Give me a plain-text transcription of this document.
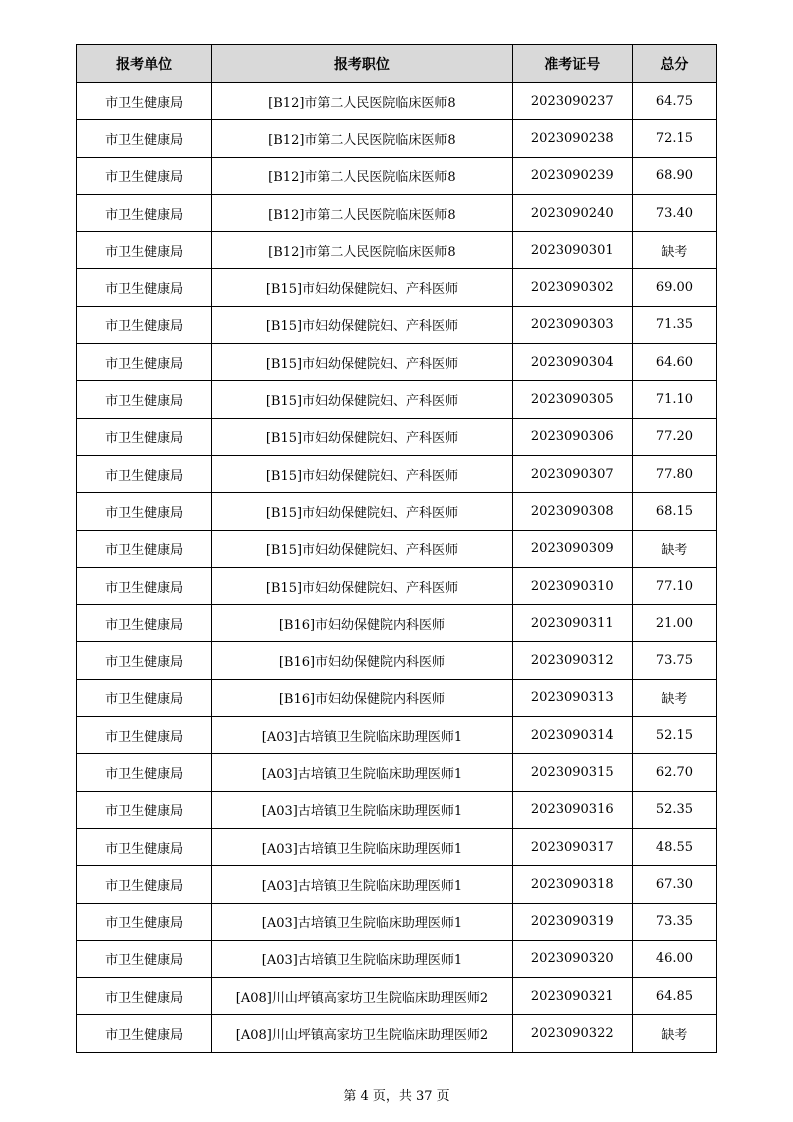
报考单位	报考职位	准考证号	总分
市卫生健康局	[B12]市第二人民医院临床医师8	2023090237	64.75
市卫生健康局	[B12]市第二人民医院临床医师8	2023090238	72.15
市卫生健康局	[B12]市第二人民医院临床医师8	2023090239	68.90
市卫生健康局	[B12]市第二人民医院临床医师8	2023090240	73.40
市卫生健康局	[B12]市第二人民医院临床医师8	2023090301	缺考
市卫生健康局	[B15]市妇幼保健院妇、产科医师	2023090302	69.00
市卫生健康局	[B15]市妇幼保健院妇、产科医师	2023090303	71.35
市卫生健康局	[B15]市妇幼保健院妇、产科医师	2023090304	64.60
市卫生健康局	[B15]市妇幼保健院妇、产科医师	2023090305	71.10
市卫生健康局	[B15]市妇幼保健院妇、产科医师	2023090306	77.20
市卫生健康局	[B15]市妇幼保健院妇、产科医师	2023090307	77.80
市卫生健康局	[B15]市妇幼保健院妇、产科医师	2023090308	68.15
市卫生健康局	[B15]市妇幼保健院妇、产科医师	2023090309	缺考
市卫生健康局	[B15]市妇幼保健院妇、产科医师	2023090310	77.10
市卫生健康局	[B16]市妇幼保健院内科医师	2023090311	21.00
市卫生健康局	[B16]市妇幼保健院内科医师	2023090312	73.75
市卫生健康局	[B16]市妇幼保健院内科医师	2023090313	缺考
市卫生健康局	[A03]古培镇卫生院临床助理医师1	2023090314	52.15
市卫生健康局	[A03]古培镇卫生院临床助理医师1	2023090315	62.70
市卫生健康局	[A03]古培镇卫生院临床助理医师1	2023090316	52.35
市卫生健康局	[A03]古培镇卫生院临床助理医师1	2023090317	48.55
市卫生健康局	[A03]古培镇卫生院临床助理医师1	2023090318	67.30
市卫生健康局	[A03]古培镇卫生院临床助理医师1	2023090319	73.35
市卫生健康局	[A03]古培镇卫生院临床助理医师1	2023090320	46.00
市卫生健康局	[A08]川山坪镇高家坊卫生院临床助理医师2	2023090321	64.85
市卫生健康局	[A08]川山坪镇高家坊卫生院临床助理医师2	2023090322	缺考
第 4 页，共 37 页
